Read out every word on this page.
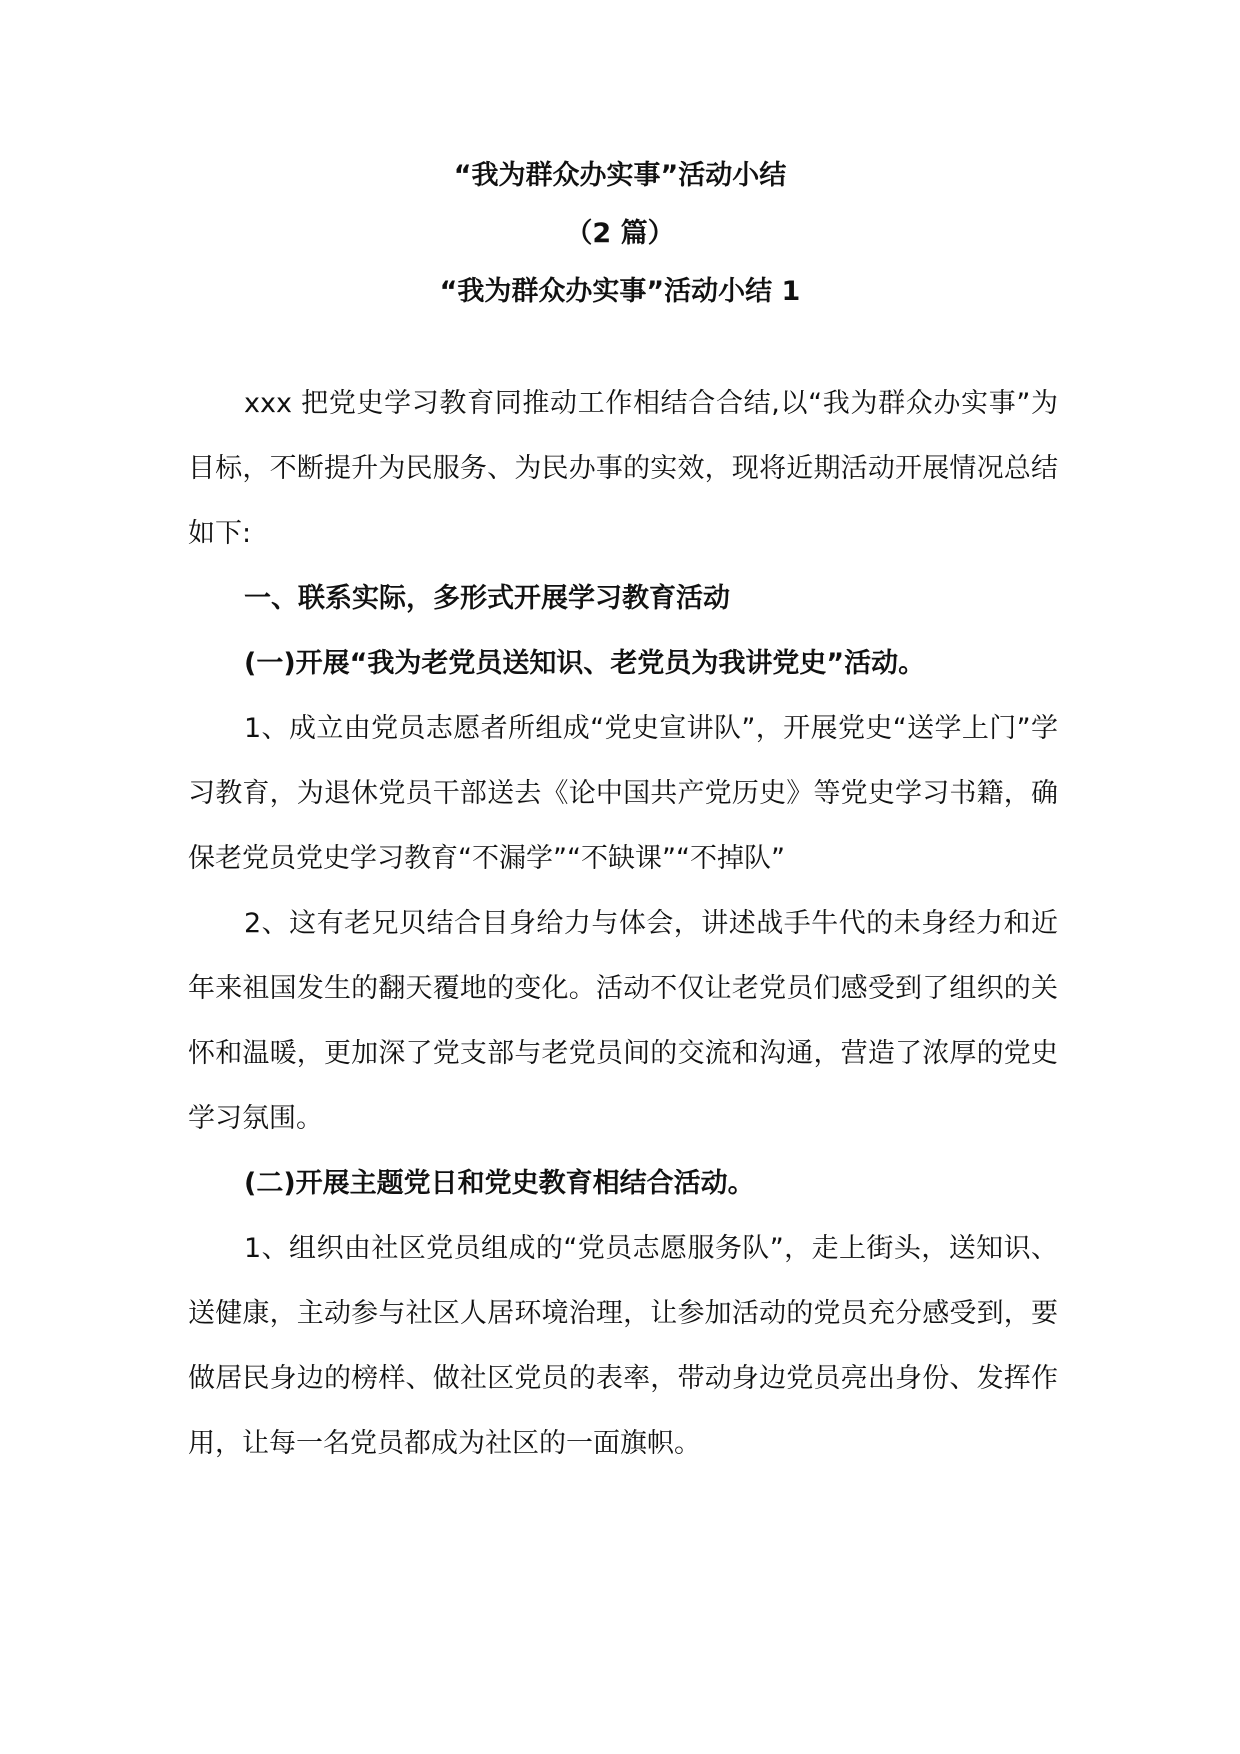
“我为群众办实事”活动小结
（2 篇）
“我为群众办实事”活动小结 1

xxx 把党史学习教育同推动工作相结合合结,以“我为群众办实事”为目标，不断提升为民服务、为民办事的实效，现将近期活动开展情况总结如下:

一、联系实际，多形式开展学习教育活动

(一)开展“我为老党员送知识、老党员为我讲党史”活动。

1、成立由党员志愿者所组成“党史宣讲队”，开展党史“送学上门”学习教育，为退休党员干部送去《论中国共产党历史》等党史学习书籍，确保老党员党史学习教育“不漏学”“不缺课”“不掉队”

2、这有老兄贝结合目身给力与体会，讲述战手牛代的未身经力和近年来祖国发生的翻天覆地的变化。活动不仅让老党员们感受到了组织的关怀和温暖，更加深了党支部与老党员间的交流和沟通，营造了浓厚的党史学习氛围。

(二)开展主题党日和党史教育相结合活动。

1、组织由社区党员组成的“党员志愿服务队”，走上街头，送知识、送健康，主动参与社区人居环境治理，让参加活动的党员充分感受到，要做居民身边的榜样、做社区党员的表率，带动身边党员亮出身份、发挥作用，让每一名党员都成为社区的一面旗帜。
